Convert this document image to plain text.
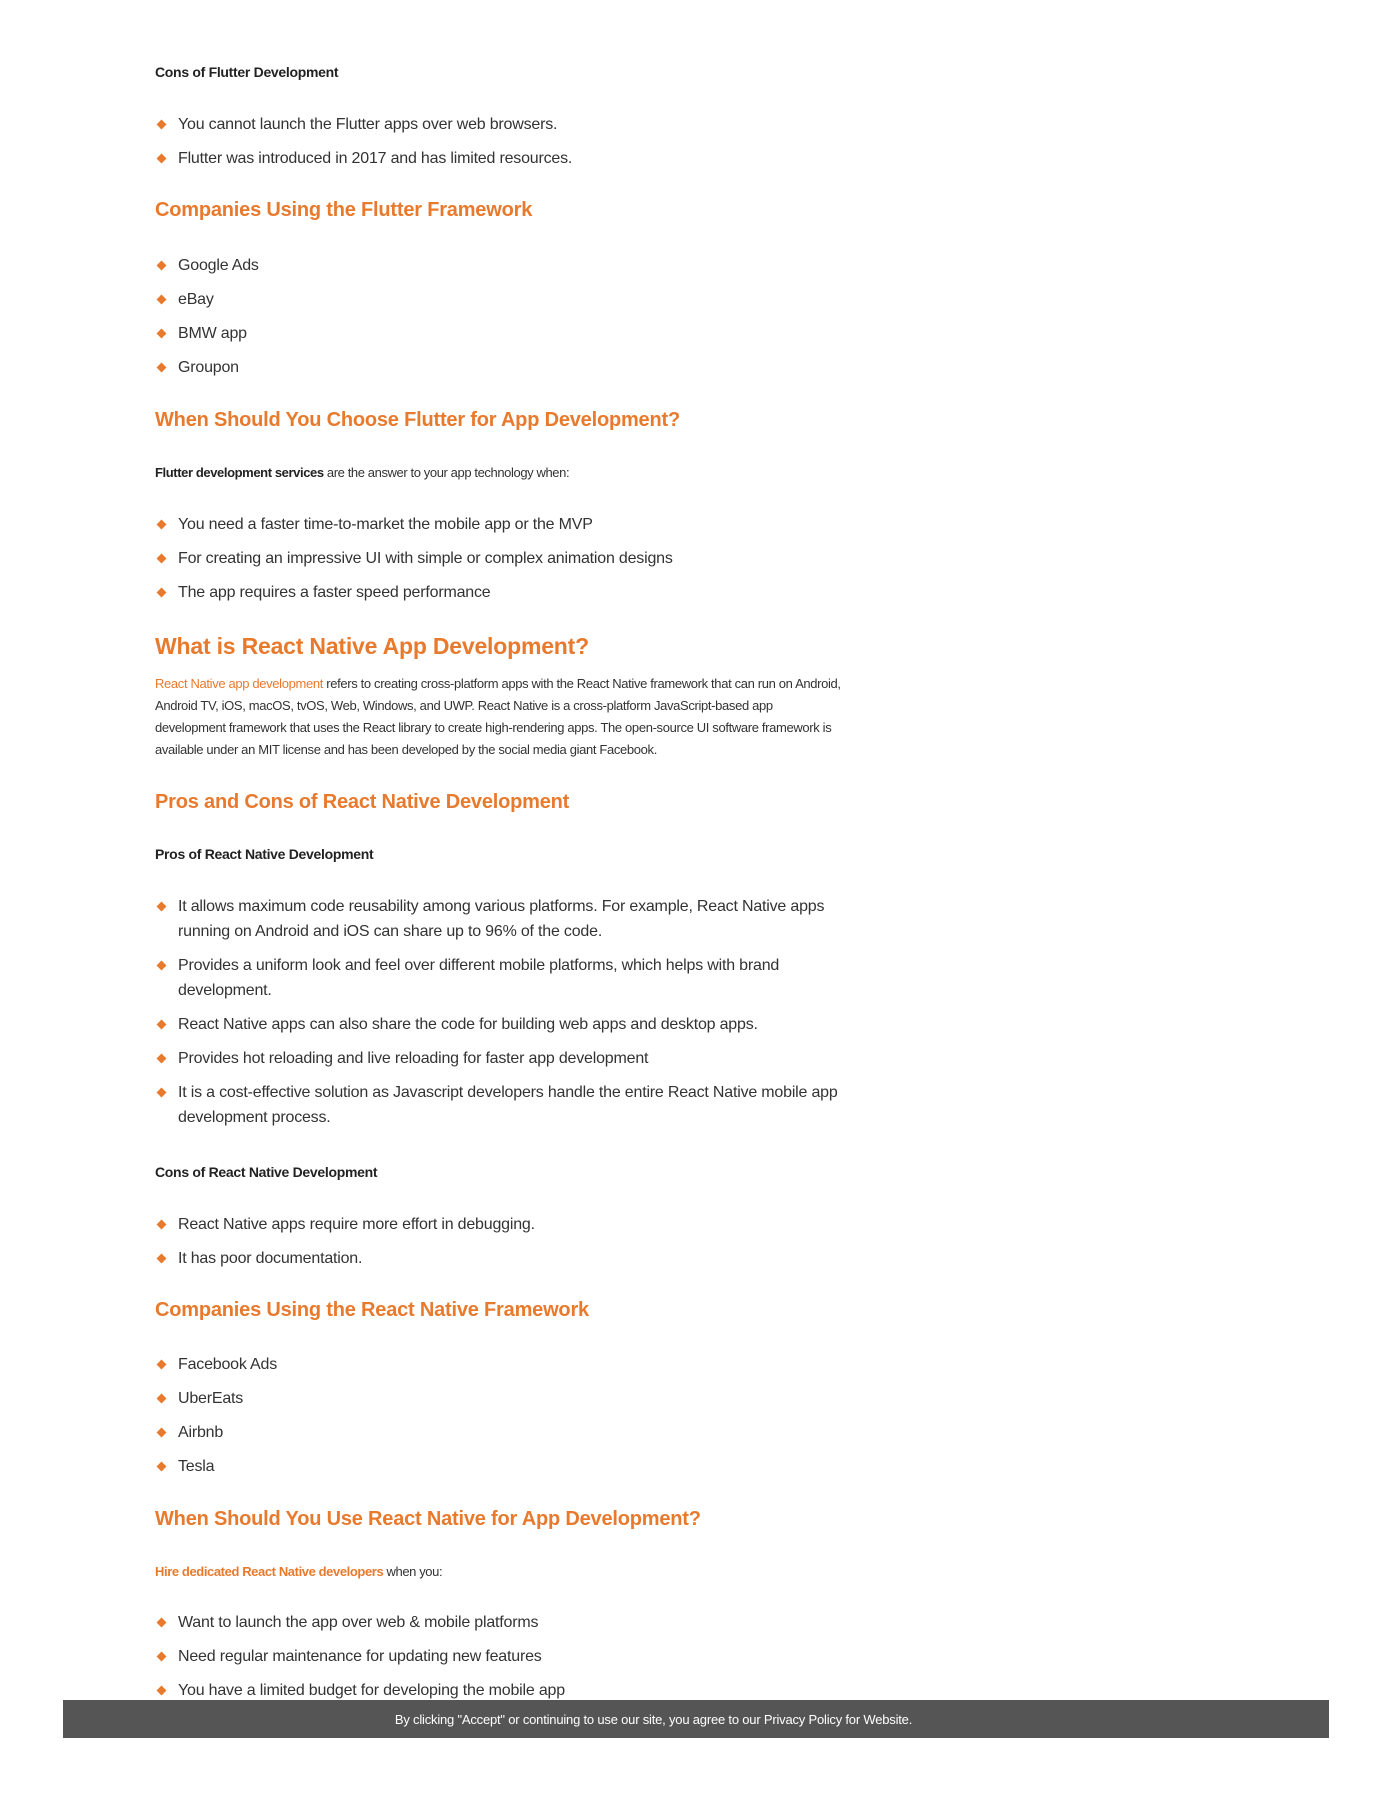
Cons of Flutter Development
You cannot launch the Flutter apps over web browsers.
Flutter was introduced in 2017 and has limited resources.
Companies Using the Flutter Framework
Google Ads
eBay
BMW app
Groupon
When Should You Choose Flutter for App Development?
Flutter development services are the answer to your app technology when:
You need a faster time-to-market the mobile app or the MVP
For creating an impressive UI with simple or complex animation designs
The app requires a faster speed performance
What is React Native App Development?
React Native app development refers to creating cross-platform apps with the React Native framework that can run on Android, Android TV, iOS, macOS, tvOS, Web, Windows, and UWP. React Native is a cross-platform JavaScript-based app development framework that uses the React library to create high-rendering apps. The open-source UI software framework is available under an MIT license and has been developed by the social media giant Facebook.
Pros and Cons of React Native Development
Pros of React Native Development
It allows maximum code reusability among various platforms. For example, React Native apps running on Android and iOS can share up to 96% of the code.
Provides a uniform look and feel over different mobile platforms, which helps with brand development.
React Native apps can also share the code for building web apps and desktop apps.
Provides hot reloading and live reloading for faster app development
It is a cost-effective solution as Javascript developers handle the entire React Native mobile app development process.
Cons of React Native Development
React Native apps require more effort in debugging.
It has poor documentation.
Companies Using the React Native Framework
Facebook Ads
UberEats
Airbnb
Tesla
When Should You Use React Native for App Development?
Hire dedicated React Native developers when you:
Want to launch the app over web & mobile platforms
Need regular maintenance for updating new features
You have a limited budget for developing the mobile app
By clicking "Accept" or continuing to use our site, you agree to our Privacy Policy for Website.
